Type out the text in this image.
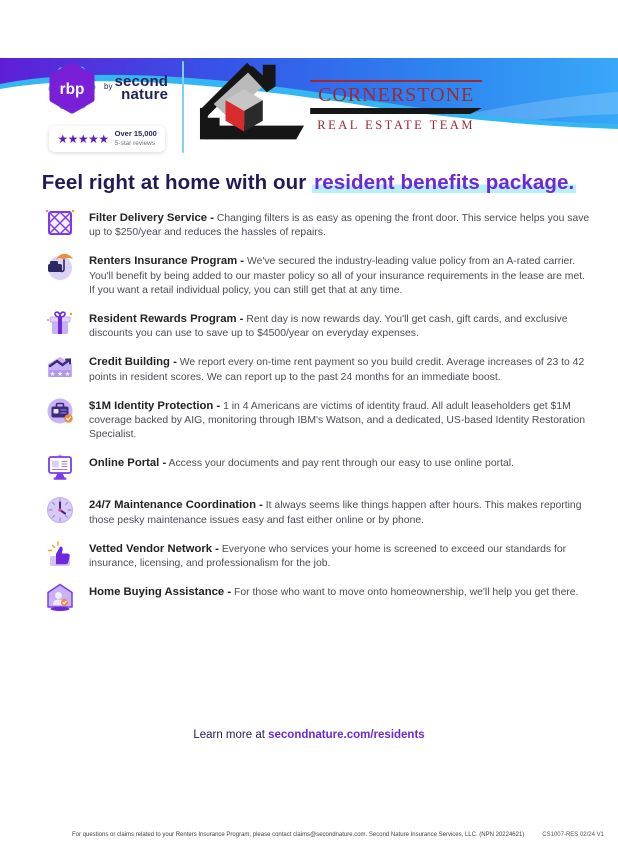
rbp by second
nature
★★★★★ Over 15,000
5-star reviews
CORNERSTONE
REAL ESTATE TEAM
Feel right at home with our resident benefits package.
Filter Delivery Service - Changing filters is as easy as opening the front door. This service helps you save up to $250/year and reduces the hassles of repairs.
Renters Insurance Program - We've secured the industry-leading value policy from an A-rated carrier. You'll benefit by being added to our master policy so all of your insurance requirements in the lease are met. If you want a retail individual policy, you can still get that at any time.
Resident Rewards Program - Rent day is now rewards day. You'll get cash, gift cards, and exclusive discounts you can use to save up to $4500/year on everyday expenses.
★ ★ ★
Credit Building - We report every on-time rent payment so you build credit. Average increases of 23 to 42 points in resident scores. We can report up to the past 24 months for an immediate boost.
$1M Identity Protection - 1 in 4 Americans are victims of identity fraud. All adult leaseholders get $1M coverage backed by AIG, monitoring through IBM's Watson, and a dedicated, US-based Identity Restoration Specialist.
Online Portal - Access your documents and pay rent through our easy to use online portal.
24/7 Maintenance Coordination - It always seems like things happen after hours. This makes reporting those pesky maintenance issues easy and fast either online or by phone.
Vetted Vendor Network - Everyone who services your home is screened to exceed our standards for insurance, licensing, and professionalism for the job.
Home Buying Assistance - For those who want to move onto homeownership, we'll help you get there.
Learn more at secondnature.com/residents
For questions or claims related to your Renters Insurance Program, please contact claims@secondnature.com. Second Nature Insurance Services, LLC. (NPN 20224621)	CS1007-RES 02/24 V1
